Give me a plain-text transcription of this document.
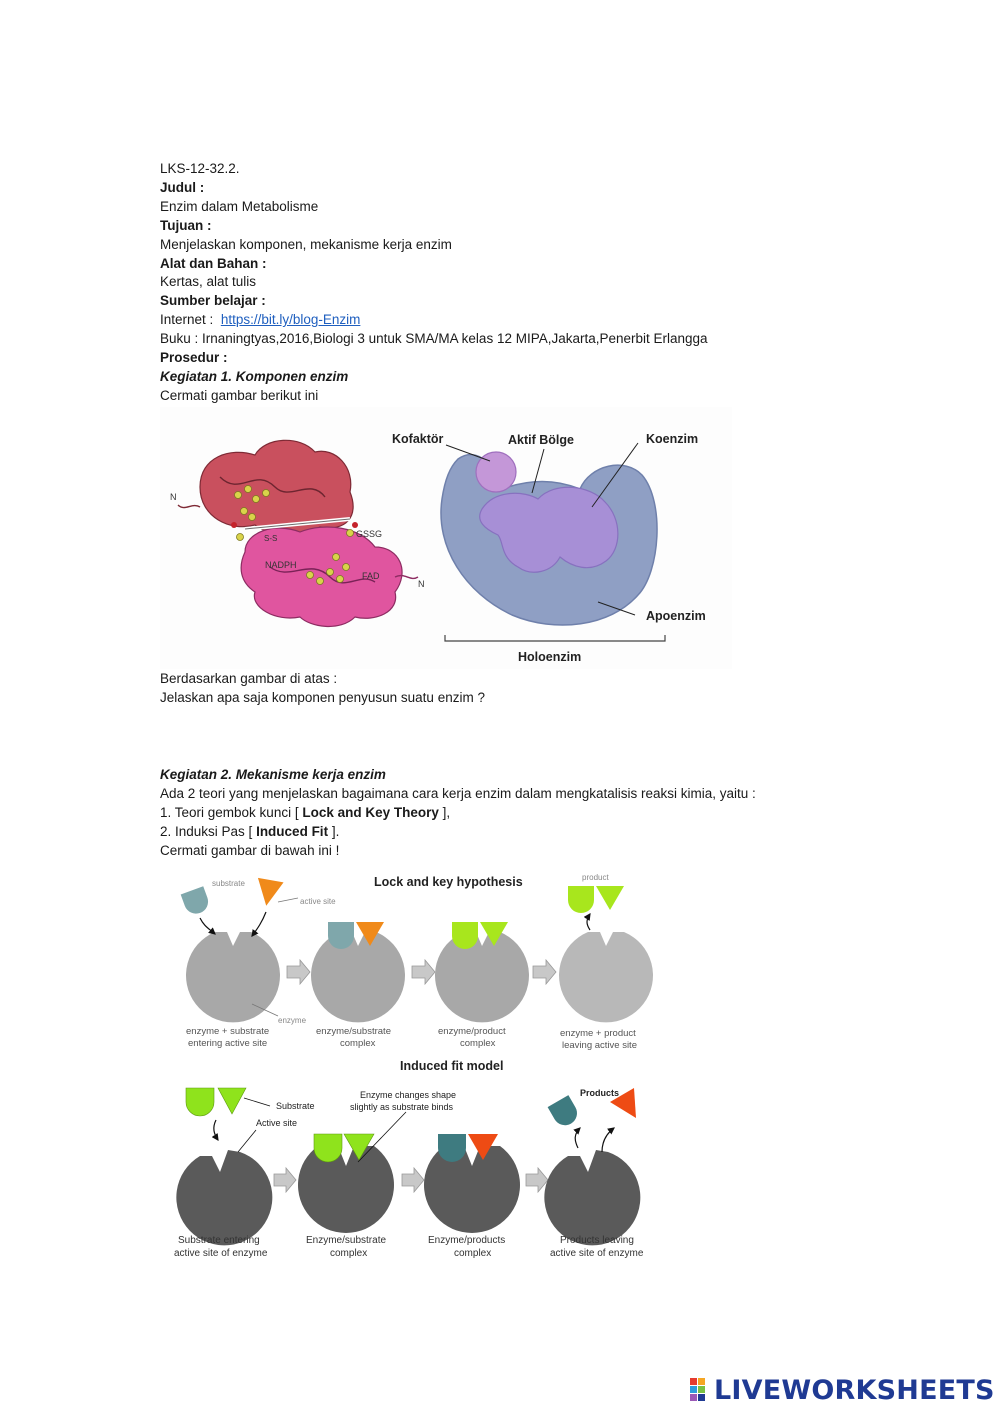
LKS-12-32.2.
Judul :
Enzim dalam Metabolisme
Tujuan :
Menjelaskan komponen, mekanisme kerja enzim
Alat dan Bahan :
Kertas, alat tulis
Sumber belajar :
Internet : https://bit.ly/blog-Enzim
Buku : Irnaningtyas,2016,Biologi 3 untuk SMA/MA kelas 12 MIPA,Jakarta,Penerbit Erlangga
Prosedur :
Kegiatan 1. Komponen enzim
Cermati gambar berikut ini
N
N
GSSG
NADPH
FAD
S-S
Kofaktör	Aktif Bölge	Koenzim
Apoenzim
Holoenzim
Berdasarkan gambar di atas :
Jelaskan apa saja komponen penyusun suatu enzim ?
Kegiatan 2. Mekanisme kerja enzim
Ada 2 teori yang menjelaskan bagaimana cara kerja enzim dalam mengkatalisis reaksi kimia, yaitu :
1. Teori gembok kunci [ Lock and Key Theory ],
2. Induksi Pas [ Induced Fit ].
Cermati gambar di bawah ini !
Lock and key hypothesis
substrate
active site
enzyme
enzyme + substrate
entering active site
enzyme/substrate
complex
enzyme/product
complex
product
enzyme + product
leaving active site
Induced fit model
Substrate
Active site
Substrate entering
active site of enzyme
Enzyme changes shape
slightly as substrate binds
Enzyme/substrate
complex
Enzyme/products
complex
Products
Products leaving
active site of enzyme
LIVEWORKSHEETS
